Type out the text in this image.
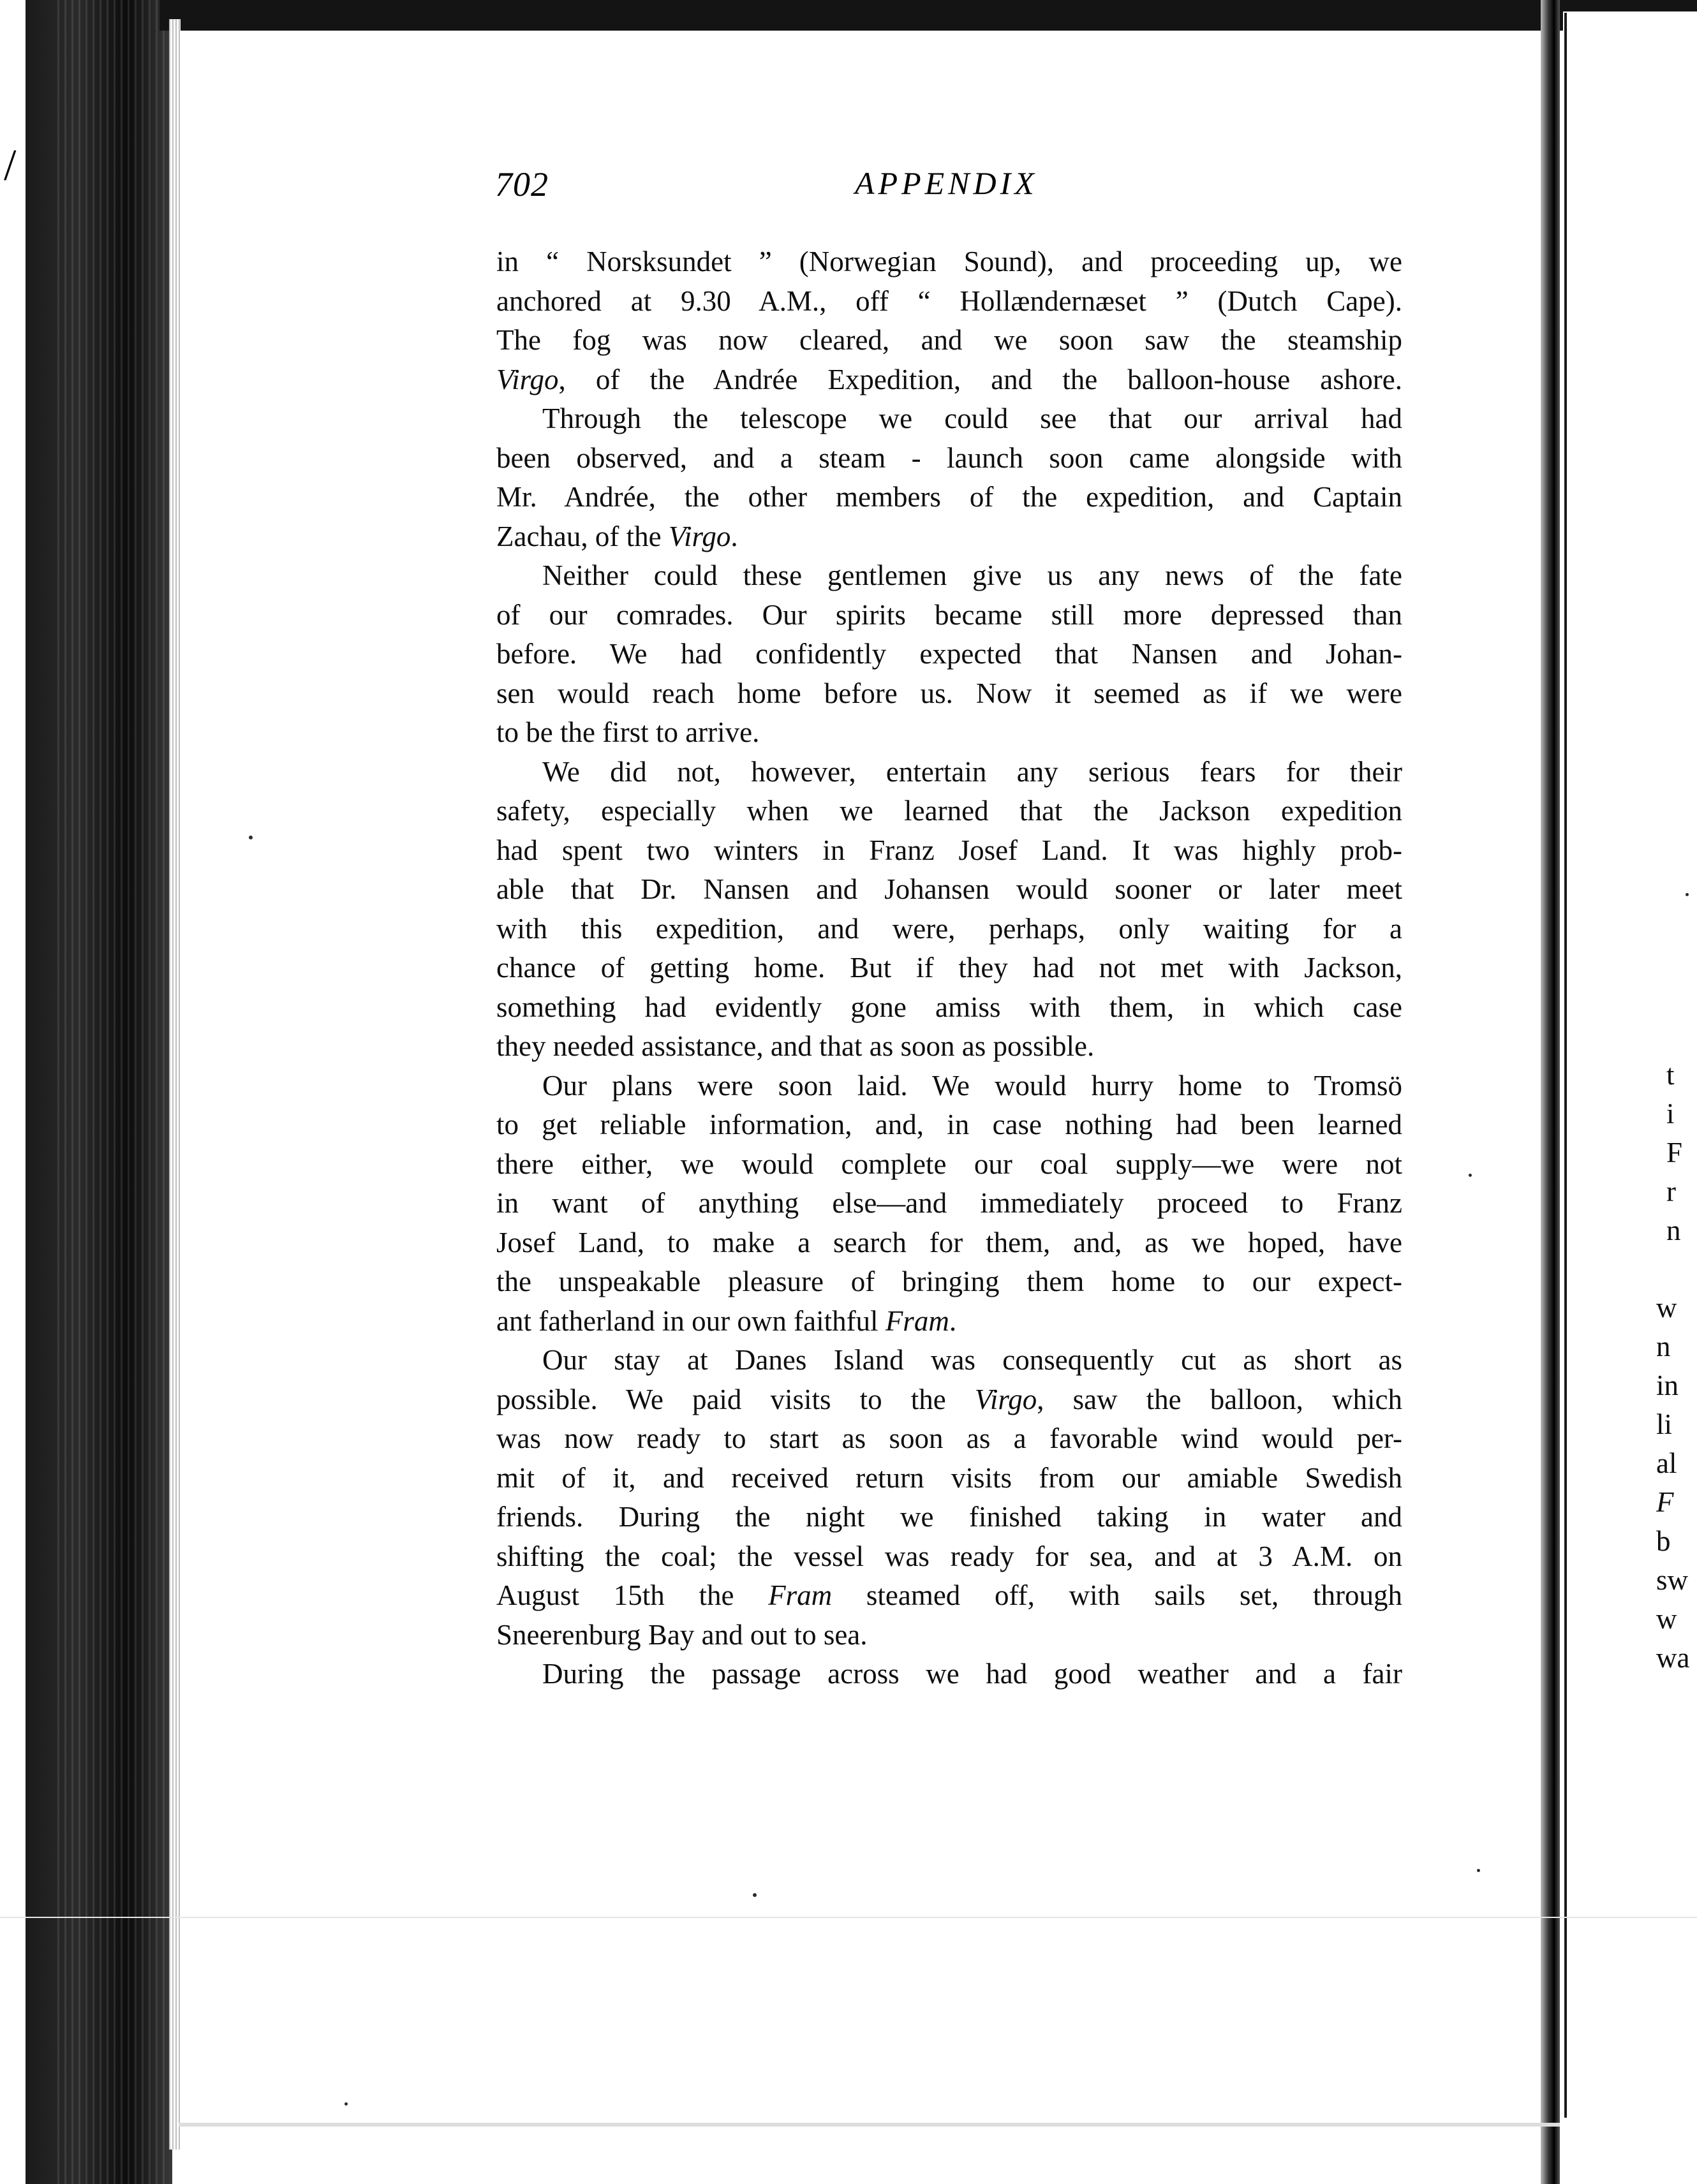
/	702	APPENDIX
in “ Norsksundet ” (Norwegian Sound), and proceeding up, we
anchored at 9.30 A.M., off “ Hollændernæset ” (Dutch Cape).
The fog was now cleared, and we soon saw the steamship
Virgo, of the Andrée Expedition, and the balloon-house ashore.
Through the telescope we could see that our arrival had
been observed, and a steam - launch soon came alongside with
Mr. Andrée, the other members of the expedition, and Captain
Zachau, of the Virgo.
Neither could these gentlemen give us any news of the fate
of our comrades. Our spirits became still more depressed than
before. We had confidently expected that Nansen and Johan-
sen would reach home before us. Now it seemed as if we were
to be the first to arrive.
We did not, however, entertain any serious fears for their
safety, especially when we learned that the Jackson expedition
had spent two winters in Franz Josef Land. It was highly prob-
able that Dr. Nansen and Johansen would sooner or later meet
with this expedition, and were, perhaps, only waiting for a
chance of getting home. But if they had not met with Jackson,
something had evidently gone amiss with them, in which case
they needed assistance, and that as soon as possible.
Our plans were soon laid. We would hurry home to Tromsö
to get reliable information, and, in case nothing had been learned
there either, we would complete our coal supply—we were not
in want of anything else—and immediately proceed to Franz
Josef Land, to make a search for them, and, as we hoped, have
the unspeakable pleasure of bringing them home to our expect-
ant fatherland in our own faithful Fram.
Our stay at Danes Island was consequently cut as short as
possible. We paid visits to the Virgo, saw the balloon, which
was now ready to start as soon as a favorable wind would per-
mit of it, and received return visits from our amiable Swedish
friends. During the night we finished taking in water and
shifting the coal; the vessel was ready for sea, and at 3 A.M. on
August 15th the Fram steamed off, with sails set, through
Sneerenburg Bay and out to sea.
During the passage across we had good weather and a fair
t
i
F
r
n
w
n
in
li
al
F
b
sw
w
wa
